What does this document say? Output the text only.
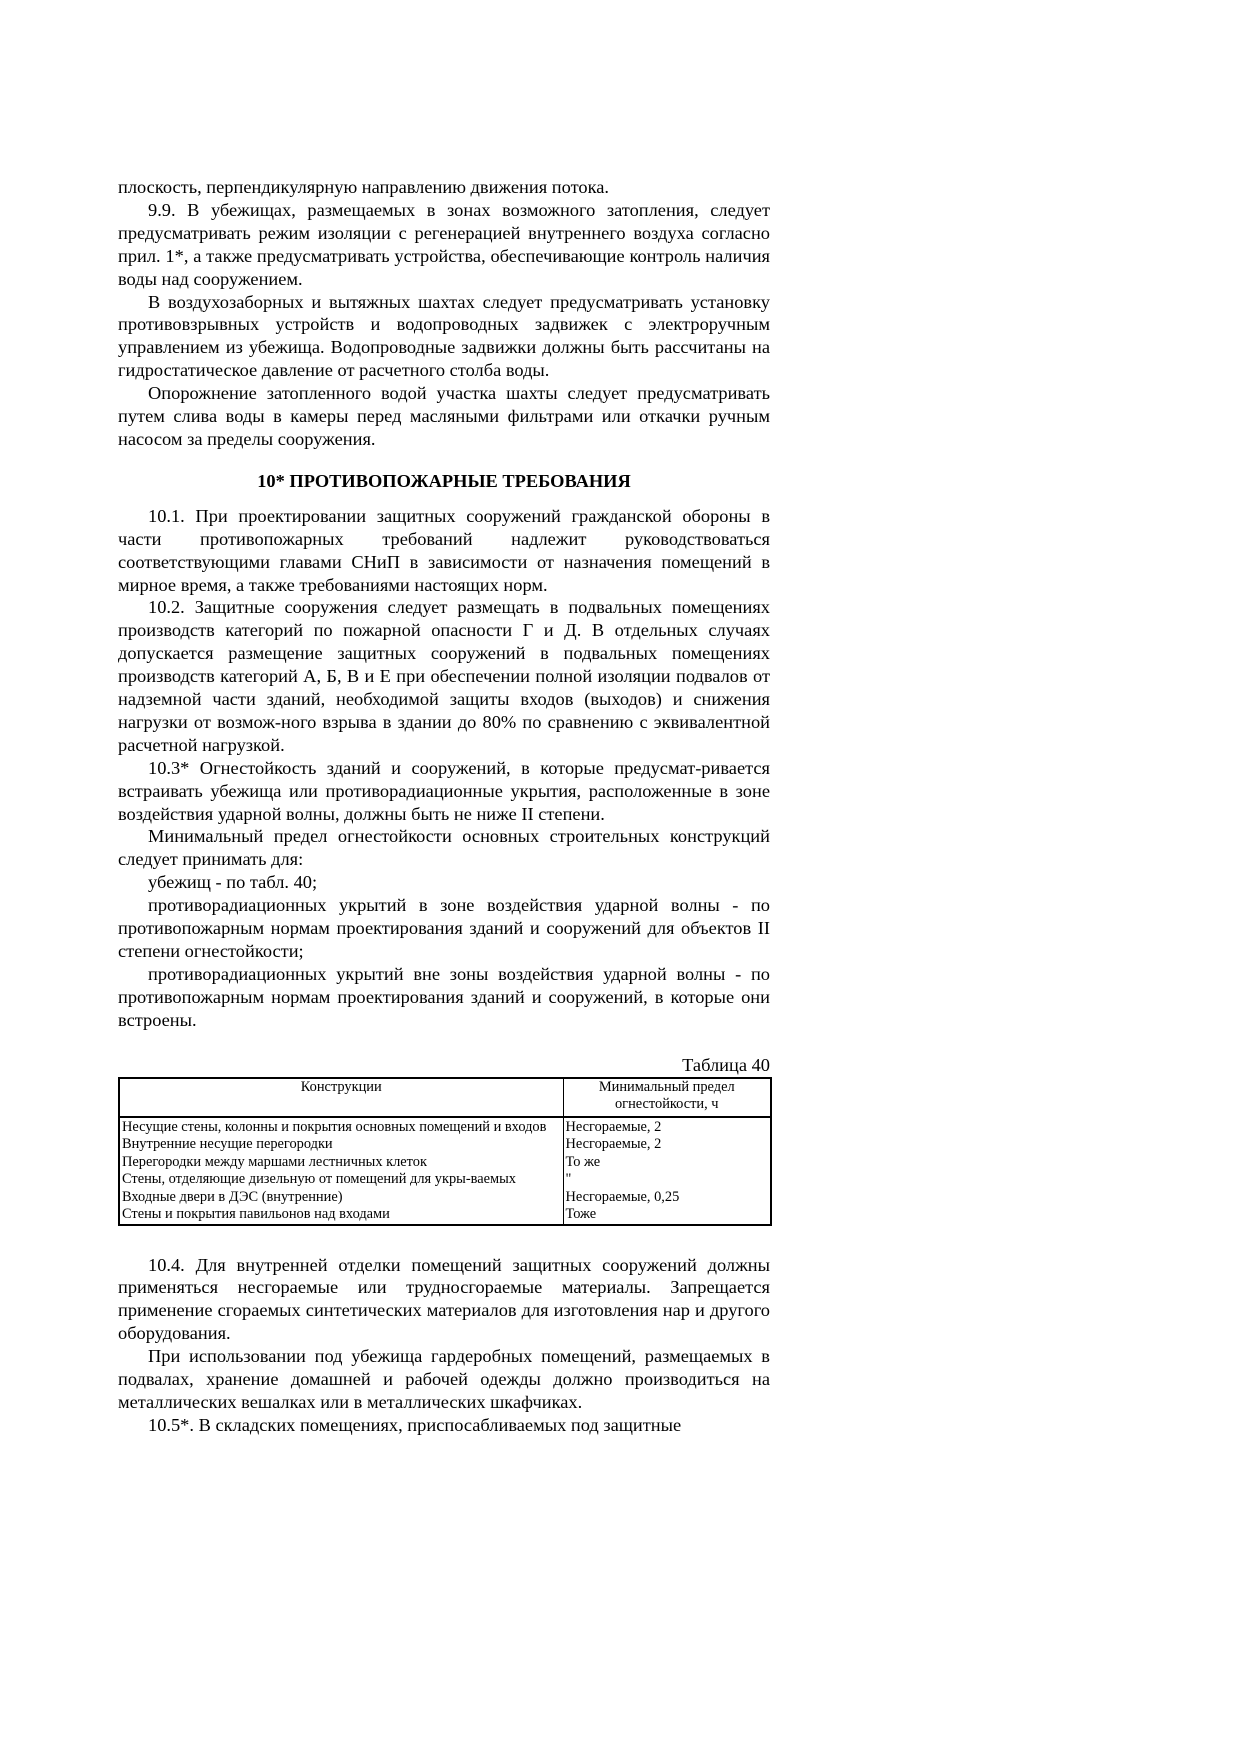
плоскость, перпендикулярную направлению движения потока.

9.9. В убежищах, размещаемых в зонах возможного затопления, следует предусматривать режим изоляции с регенерацией внутреннего воздуха согласно прил. 1*, а также предусматривать устройства, обеспечивающие контроль наличия воды над сооружением.

В воздухозаборных и вытяжных шахтах следует предусматривать установку противовзрывных устройств и водопроводных задвижек с электроручным управлением из убежища. Водопроводные задвижки должны быть рассчитаны на гидростатическое давление от расчетного столба воды.

Опорожнение затопленного водой участка шахты следует предусматривать путем слива воды в камеры перед масляными фильтрами или откачки ручным насосом за пределы сооружения.

10* ПРОТИВОПОЖАРНЫЕ ТРЕБОВАНИЯ

10.1. При проектировании защитных сооружений гражданской обороны в части противопожарных требований надлежит руководствоваться соответствующими главами СНиП в зависимости от назначения помещений в мирное время, а также требованиями настоящих норм.

10.2. Защитные сооружения следует размещать в подвальных помещениях производств категорий по пожарной опасности Г и Д. В отдельных случаях допускается размещение защитных сооружений в подвальных помещениях производств категорий А, Б, В и Е при обеспечении полной изоляции подвалов от надземной части зданий, необходимой защиты входов (выходов) и снижения нагрузки от возмож-ного взрыва в здании до 80% по сравнению с эквивалентной расчетной нагрузкой.

10.3* Огнестойкость зданий и сооружений, в которые предусмат-ривается встраивать убежища или противорадиационные укрытия, расположенные в зоне воздействия ударной волны, должны быть не ниже II степени.

Минимальный предел огнестойкости основных строительных конструкций следует принимать для:

убежищ - по табл. 40;

противорадиационных укрытий в зоне воздействия ударной волны - по противопожарным нормам проектирования зданий и сооружений для объектов II степени огнестойкости;

противорадиационных укрытий вне зоны воздействия ударной волны - по противопожарным нормам проектирования зданий и сооружений, в которые они встроены.

Таблица 40

Конструкции	Минимальный предел огнестойкости, ч
Несущие стены, колонны и покрытия основных помещений и входов	Несгораемые, 2
Внутренние несущие перегородки	Несгораемые, 2
Перегородки между маршами лестничных клеток	То же
Стены, отделяющие дизельную от помещений для укры-ваемых	"
Входные двери в ДЭС (внутренние)	Несгораемые, 0,25
Стены и покрытия павильонов над входами	Тоже

10.4. Для внутренней отделки помещений защитных сооружений должны применяться несгораемые или трудносгораемые материалы. Запрещается применение сгораемых синтетических материалов для изготовления нар и другого оборудования.

При использовании под убежища гардеробных помещений, размещаемых в подвалах, хранение домашней и рабочей одежды должно производиться на металлических вешалках или в металлических шкафчиках.

10.5*. В складских помещениях, приспосабливаемых под защитные
